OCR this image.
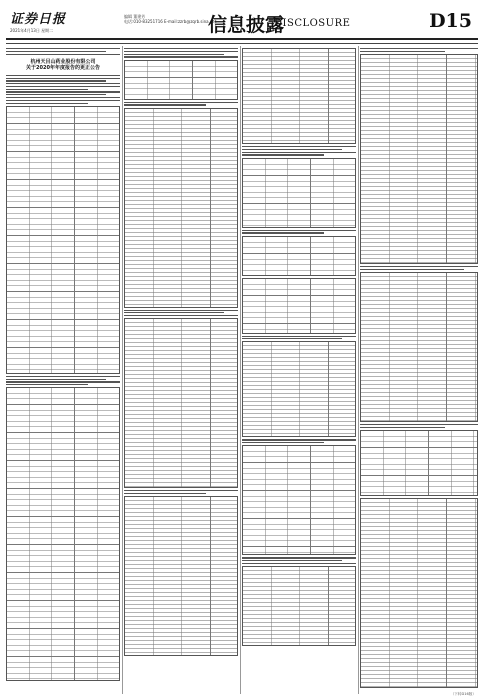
证券日报
2021年4月13日 星期二
编辑 董建芳
电话:010-83251716 E-mail:zzrb@zqrb.sina.net
信息披露
DISCLOSURE	D15
杭州天目山药业股份有限公司
关于2020年年度报告的更正公告
（下转D16版）
